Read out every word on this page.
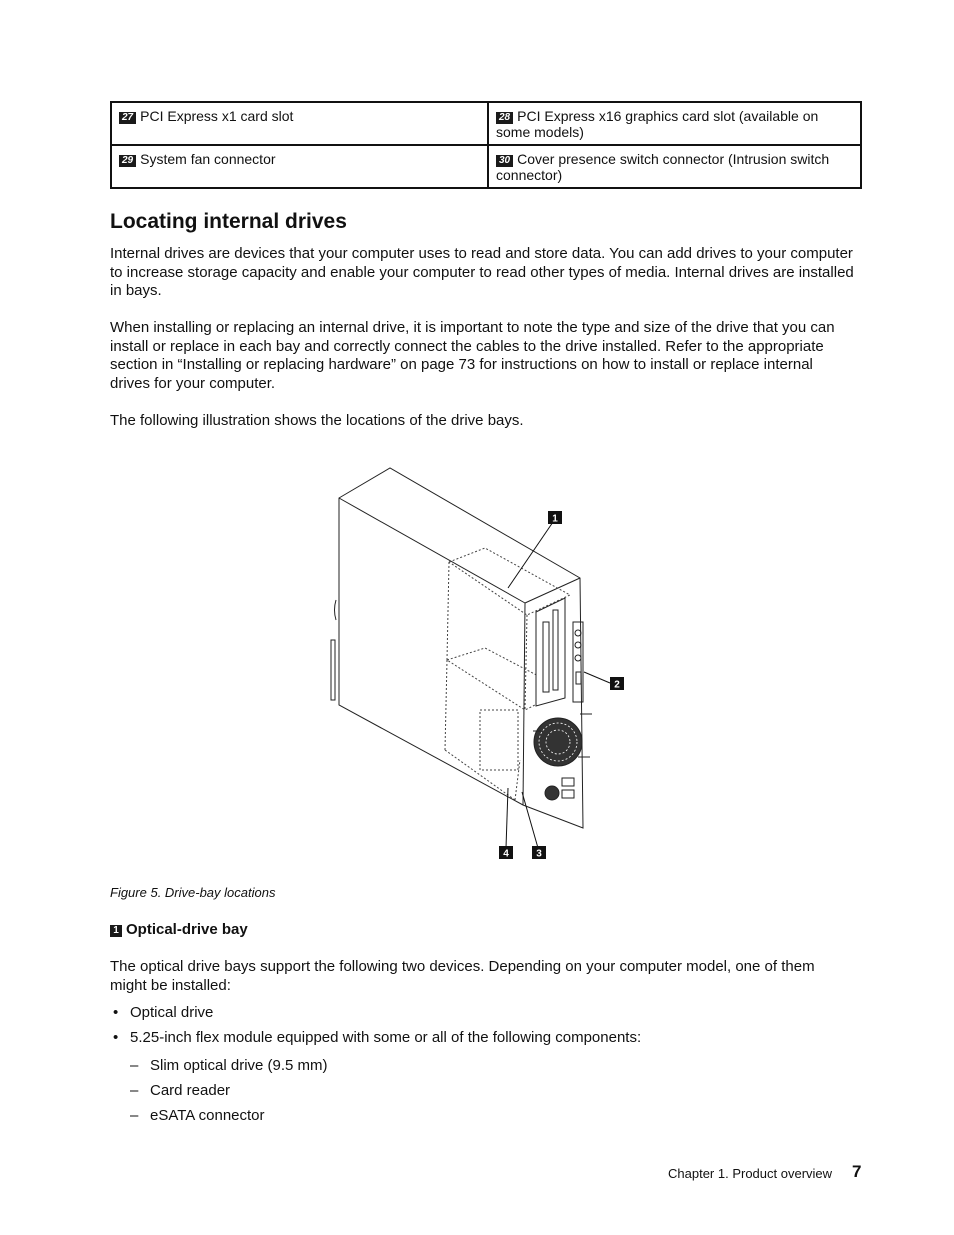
27 PCI Express x1 card slot	28 PCI Express x16 graphics card slot (available on some models)
29 System fan connector	30 Cover presence switch connector (Intrusion switch connector)
Locating internal drives

Internal drives are devices that your computer uses to read and store data. You can add drives to your computer to increase storage capacity and enable your computer to read other types of media. Internal drives are installed in bays.

When installing or replacing an internal drive, it is important to note the type and size of the drive that you can install or replace in each bay and correctly connect the cables to the drive installed. Refer to the appropriate section in “Installing or replacing hardware” on page 73 for instructions on how to install or replace internal drives for your computer.

The following illustration shows the locations of the drive bays.

1
2
3
4

Figure 5. Drive-bay locations

1 Optical-drive bay

The optical drive bays support the following two devices. Depending on your computer model, one of them might be installed:

• Optical drive
• 5.25-inch flex module equipped with some or all of the following components:
– Slim optical drive (9.5 mm)
– Card reader
– eSATA connector
Chapter 1. Product overview 7
